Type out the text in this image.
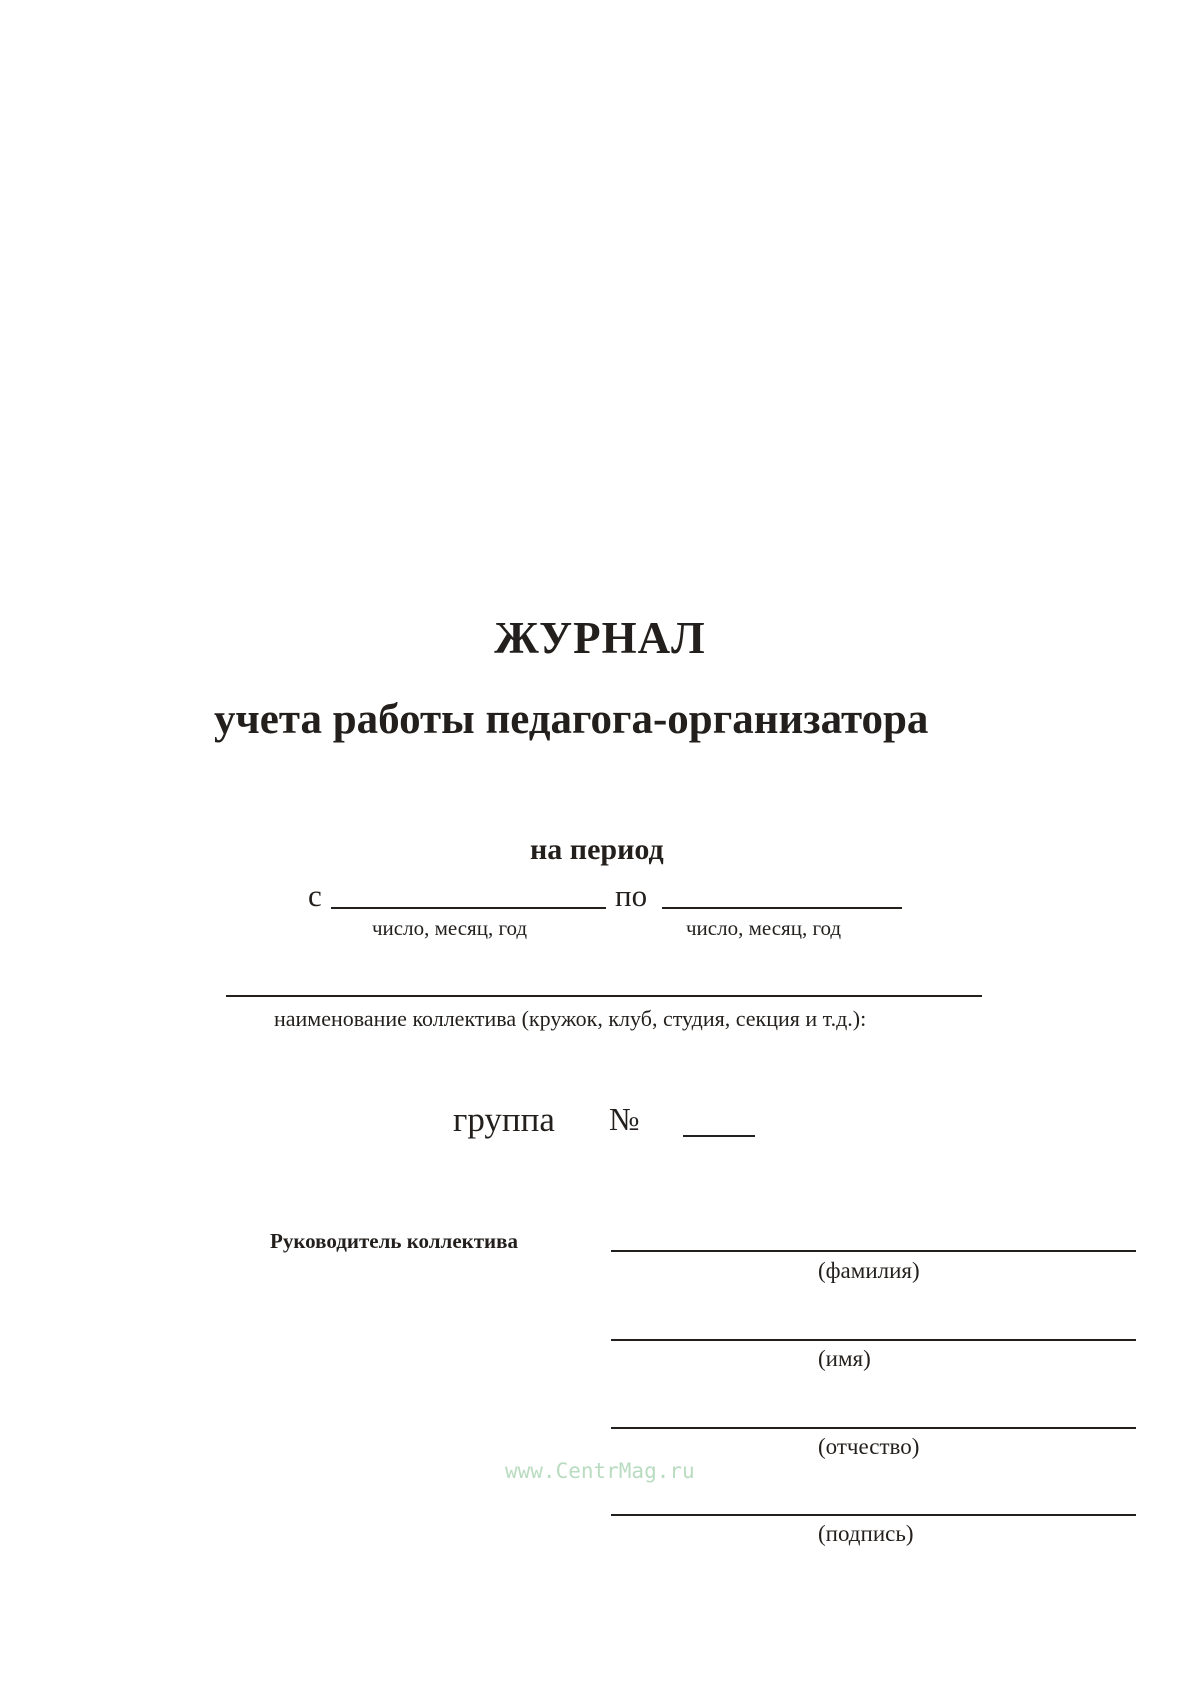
ЖУРНАЛ
учета работы педагога-организатора
на период
с	по
число, месяц, год	число, месяц, год
наименование коллектива (кружок, клуб, студия, секция и т.д.):
группа №
Руководитель коллектива
(фамилия)
(имя)
(отчество)
www.CentrMag.ru
(подпись)
